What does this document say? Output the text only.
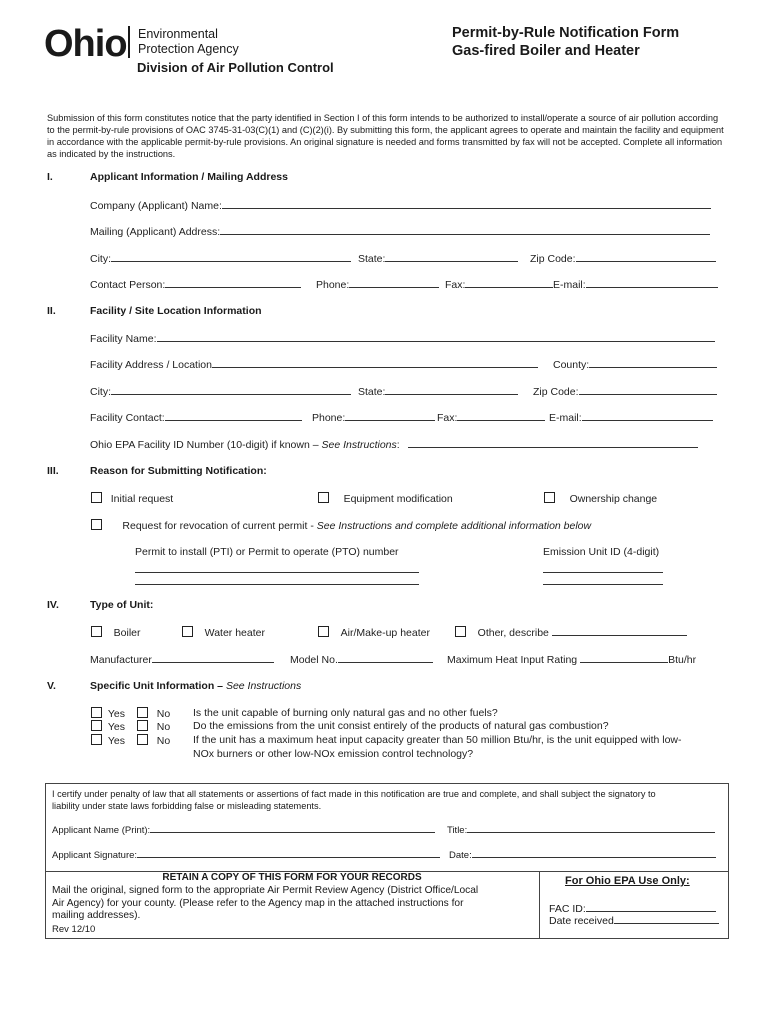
Ohio Environmental
Protection Agency
Division of Air Pollution Control
Permit-by-Rule Notification Form
Gas-fired Boiler and Heater
Submission of this form constitutes notice that the party identified in Section I of this form intends to be authorized to install/operate a source of air pollution according to the permit-by-rule provisions of OAC 3745-31-03(C)(1) and (C)(2)(i). By submitting this form, the applicant agrees to operate and maintain the facility and equipment in accordance with the applicable permit-by-rule provisions. An original signature is needed and forms transmitted by fax will not be accepted. Complete all information as indicated by the instructions.
I.	Applicant Information / Mailing Address
Company (Applicant) Name:
Mailing (Applicant) Address:
City:	State:	Zip Code:
Contact Person:	Phone:	Fax:	E-mail:
II.	Facility / Site Location Information
Facility Name:
Facility Address / Location	County:
City:	State:	Zip Code:
Facility Contact:	Phone:	Fax:	E-mail:
Ohio EPA Facility ID Number (10-digit) if known – See Instructions:
III.	Reason for Submitting Notification:
Initial request	Equipment modification	Ownership change
Request for revocation of current permit - See Instructions and complete additional information below
Permit to install (PTI) or Permit to operate (PTO) number	Emission Unit ID (4-digit)
IV.	Type of Unit:
Boiler	Water heater	Air/Make-up heater	Other, describe
Manufacturer	Model No.	Maximum Heat Input Rating	Btu/hr
V.	Specific Unit Information – See Instructions
Yes	No Is the unit capable of burning only natural gas and no other fuels?
Yes	No Do the emissions from the unit consist entirely of the products of natural gas combustion?
Yes	No If the unit has a maximum heat input capacity greater than 50 million Btu/hr, is the unit equipped with low-
NOx burners or other low-NOx emission control technology?
I certify under penalty of law that all statements or assertions of fact made in this notification are true and complete, and shall subject the signatory to
liability under state laws forbidding false or misleading statements.
Applicant Name (Print):	Title:
Applicant Signature:	Date:
RETAIN A COPY OF THIS FORM FOR YOUR RECORDS
Mail the original, signed form to the appropriate Air Permit Review Agency (District Office/Local
Air Agency) for your county. (Please refer to the Agency map in the attached instructions for
mailing addresses).
Rev 12/10
For Ohio EPA Use Only:
FAC ID:
Date received
